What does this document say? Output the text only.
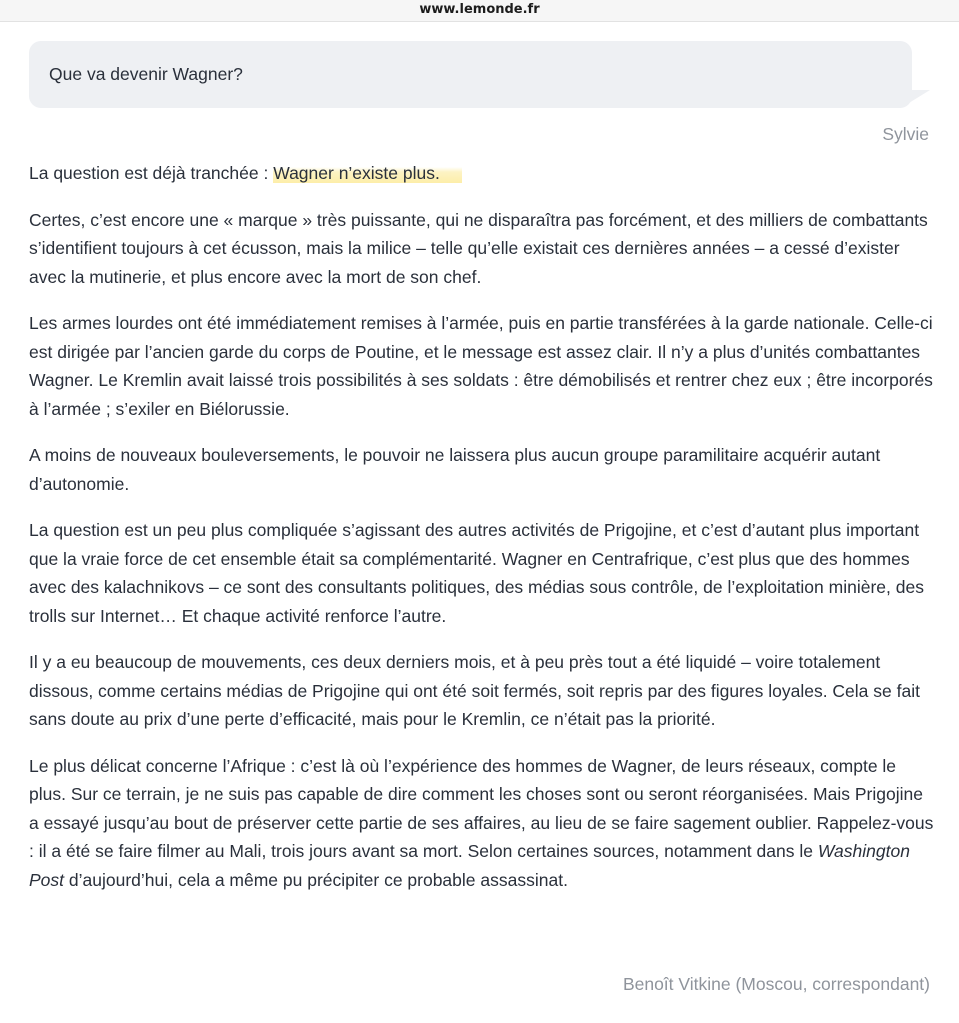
www.lemonde.fr
Que va devenir Wagner?
Sylvie

La question est déjà tranchée : Wagner n’existe plus.

Certes, c’est encore une « marque » très puissante, qui ne disparaîtra pas forcément, et des milliers de combattants s’identifient toujours à cet écusson, mais la milice – telle qu’elle existait ces dernières années – a cessé d’exister avec la mutinerie, et plus encore avec la mort de son chef.

Les armes lourdes ont été immédiatement remises à l’armée, puis en partie transférées à la garde nationale. Celle-ci est dirigée par l’ancien garde du corps de Poutine, et le message est assez clair. Il n’y a plus d’unités combattantes Wagner. Le Kremlin avait laissé trois possibilités à ses soldats : être démobilisés et rentrer chez eux ; être incorporés à l’armée ; s’exiler en Biélorussie.

A moins de nouveaux bouleversements, le pouvoir ne laissera plus aucun groupe paramilitaire acquérir autant d’autonomie.

La question est un peu plus compliquée s’agissant des autres activités de Prigojine, et c’est d’autant plus important que la vraie force de cet ensemble était sa complémentarité. Wagner en Centrafrique, c’est plus que des hommes avec des kalachnikovs – ce sont des consultants politiques, des médias sous contrôle, de l’exploitation minière, des trolls sur Internet… Et chaque activité renforce l’autre.

Il y a eu beaucoup de mouvements, ces deux derniers mois, et à peu près tout a été liquidé – voire totalement dissous, comme certains médias de Prigojine qui ont été soit fermés, soit repris par des figures loyales. Cela se fait sans doute au prix d’une perte d’efficacité, mais pour le Kremlin, ce n’était pas la priorité.

Le plus délicat concerne l’Afrique : c’est là où l’expérience des hommes de Wagner, de leurs réseaux, compte le plus. Sur ce terrain, je ne suis pas capable de dire comment les choses sont ou seront réorganisées. Mais Prigojine a essayé jusqu’au bout de préserver cette partie de ses affaires, au lieu de se faire sagement oublier. Rappelez-vous : il a été se faire filmer au Mali, trois jours avant sa mort. Selon certaines sources, notamment dans le Washington Post d’aujourd’hui, cela a même pu précipiter ce probable assassinat.

Benoît Vitkine (Moscou, correspondant)
